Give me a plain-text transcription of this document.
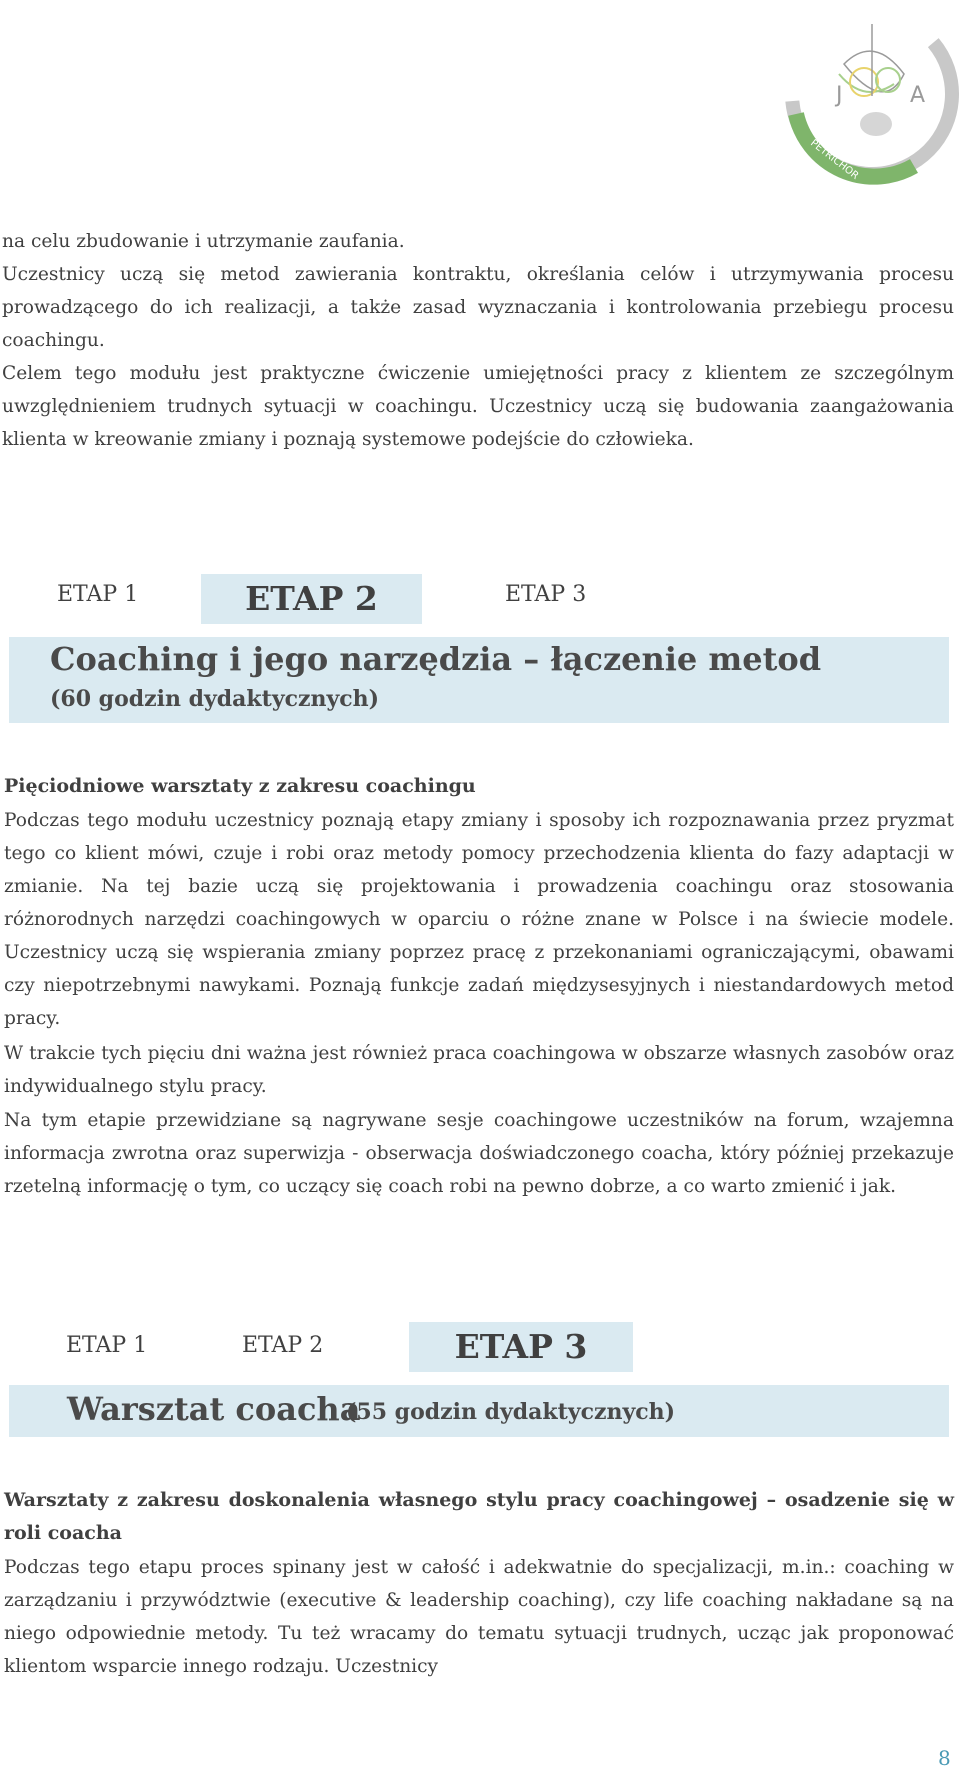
DIAMOS
PETRICHOR
J	A

na celu zbudowanie i utrzymanie zaufania.

Uczestnicy uczą się metod zawierania kontraktu, określania celów i utrzymywania procesu prowadzącego do ich realizacji, a także zasad wyznaczania i kontrolowania przebiegu procesu coachingu.

Celem tego modułu jest praktyczne ćwiczenie umiejętności pracy z klientem ze szczególnym uwzględnieniem trudnych sytuacji w coachingu. Uczestnicy uczą się budowania zaangażowania klienta w kreowanie zmiany i poznają systemowe podejście do człowieka.

ETAP 1	ETAP 2	ETAP 3
Coaching i jego narzędzia – łączenie metod
(60 godzin dydaktycznych)
Pięciodniowe warsztaty z zakresu coachingu

Podczas tego modułu uczestnicy poznają etapy zmiany i sposoby ich rozpoznawania przez pryzmat tego co klient mówi, czuje i robi oraz metody pomocy przechodzenia klienta do fazy adaptacji w zmianie. Na tej bazie uczą się projektowania i prowadzenia coachingu oraz stosowania różnorodnych narzędzi coachingowych w oparciu o różne znane w Polsce i na świecie modele. Uczestnicy uczą się wspierania zmiany poprzez pracę z przekonaniami ograniczającymi, obawami czy niepotrzebnymi nawykami. Poznają funkcje zadań międzysesyjnych i niestandardowych metod pracy.

W trakcie tych pięciu dni ważna jest również praca coachingowa w obszarze własnych zasobów oraz indywidualnego stylu pracy.

Na tym etapie przewidziane są nagrywane sesje coachingowe uczestników na forum, wzajemna informacja zwrotna oraz superwizja - obserwacja doświadczonego coacha, który później przekazuje rzetelną informację o tym, co uczący się coach robi na pewno dobrze, a co warto zmienić i jak.

ETAP 1	ETAP 2	ETAP 3
Warsztat coacha
(55 godzin dydaktycznych)
Warsztaty z zakresu doskonalenia własnego stylu pracy coachingowej – osadzenie się w roli coacha

Podczas tego etapu proces spinany jest w całość i adekwatnie do specjalizacji, m.in.: coaching w zarządzaniu i przywództwie (executive & leadership coaching), czy life coaching nakładane są na niego odpowiednie metody. Tu też wracamy do tematu sytuacji trudnych, ucząc jak proponować klientom wsparcie innego rodzaju. Uczestnicy

8
